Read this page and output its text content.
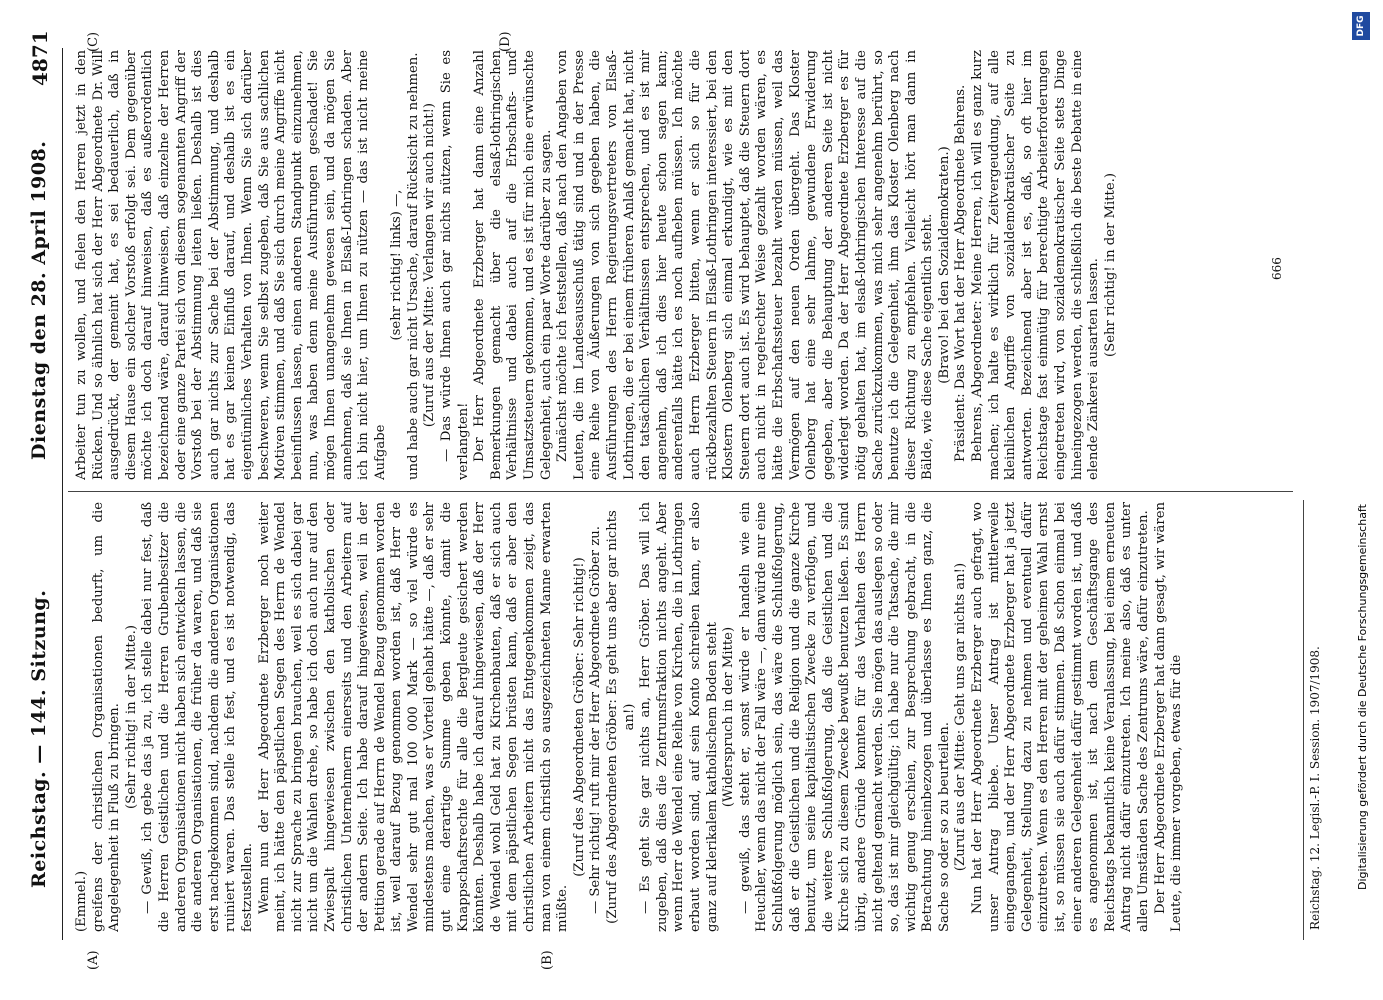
Reichstag. — 144. Sitzung.
Dienstag den 28. April 1908.
4871
(A)	(B)
(C)	(D)

(Emmel.) greifens der christlichen Organisationen bedurft, um die Angelegenheit in Fluß zu bringen. (Sehr richtig! in der Mitte.) — Gewiß, ich gebe das ja zu, ich stelle dabei nur fest, daß die Herren Geistlichen und die Herren Grubenbesitzer die anderen Organisationen nicht haben sich entwickeln lassen, die die anderen Organisationen, die früher da waren, und daß sie erst nachgekommen sind, nachdem die anderen Organisationen ruiniert waren. Das stelle ich fest, und es ist notwendig, das festzustellen. Wenn nun der Herr Abgeordnete Erzberger noch weiter meint, ich hätte den päpstlichen Segen des Herrn de Wendel nicht zur Sprache zu bringen brauchen, weil es sich dabei gar nicht um die Wahlen drehe, so habe ich doch auch nur auf den Zwiespalt hingewiesen zwischen den katholischen oder christlichen Unternehmern einerseits und den Arbeitern auf der andern Seite. Ich habe darauf hingewiesen, weil in der Petition gerade auf Herrn de Wendel Bezug genommen worden ist, weil darauf Bezug genommen worden ist, daß Herr de Wendel sehr gut mal 100 000 Mark — so viel würde es mindestens machen, was er Vorteil gehabt hätte —, daß er sehr gut eine derartige Summe geben könnte, damit die Knappschaftsrechte für alle die Bergleute gesichert werden könnten. Deshalb habe ich darauf hingewiesen, daß der Herr de Wendel wohl Geld hat zu Kirchenbauten, daß er sich auch mit dem päpstlichen Segen brüsten kann, daß er aber den christlichen Arbeitern nicht das Entgegenkommen zeigt, das man von einem christlich so ausgezeichneten Manne erwarten müßte.

(Zuruf des Abgeordneten Gröber: Sehr richtig!) — Sehr richtig! ruft mir der Herr Abgeordnete Gröber zu. (Zuruf des Abgeordneten Gröber: Es geht uns aber gar nichts an!) — Es geht Sie gar nichts an, Herr Gröber. Das will ich zugeben, daß dies die Zentrumsfraktion nichts angeht. Aber wenn Herr de Wendel eine Reihe von Kirchen, die in Lothringen erbaut worden sind, auf sein Konto schreiben kann, er also ganz auf klerikalem katholischem Boden steht (Widerspruch in der Mitte) — gewiß, das steht er, sonst würde er handeln wie ein Heuchler, wenn das nicht der Fall wäre —, dann würde nur eine Schlußfolgerung möglich sein, das wäre die Schlußfolgerung, daß er die Geistlichen und die Religion und die ganze Kirche benutzt, um seine kapitalistischen Zwecke zu verfolgen, und die weitere Schlußfolgerung, daß die Geistlichen und die Kirche sich zu diesem Zwecke bewußt benutzen ließen. Es sind übrig, andere Gründe konnten für das Verhalten des Herrn nicht geltend gemacht werden. Sie mögen das auslegen so oder so, das ist mir gleichgültig; ich habe nur die Tatsache, die mir wichtig genug erschien, zur Besprechung gebracht, in die Betrachtung hineinbezogen und überlasse es Ihnen ganz, die Sache so oder so zu beurteilen. (Zuruf aus der Mitte: Geht uns gar nichts an!) Nun hat der Herr Abgeordnete Erzberger auch gefragt, wo unser Antrag bliebe. Unser Antrag ist mittlerweile eingegangen, und der Herr Abgeordnete Erzberger hat ja jetzt Gelegenheit, Stellung dazu zu nehmen und eventuell dafür einzutreten. Wenn es den Herren mit der geheimen Wahl ernst ist, so müssen sie auch dafür stimmen. Daß schon einmal bei einer anderen Gelegenheit dafür gestimmt worden ist, und daß es angenommen ist, ist nach dem Geschäftsgange des Reichstags bekanntlich keine Veranlassung, bei einem erneuten Antrag nicht dafür einzutreten. Ich meine also, daß es unter allen Umständen Sache des Zentrums wäre, dafür einzutreten. Der Herr Abgeordnete Erzberger hat dann gesagt, wir wären Leute, die immer vorgeben, etwas für die

Arbeiter tun zu wollen, und fielen den Herren jetzt in den Rücken. Und so ähnlich hat sich der Herr Abgeordnete Dr. Will ausgedrückt, der gemeint hat, es sei bedauerlich, daß in diesem Hause ein solcher Vorstoß erfolgt sei. Dem gegenüber möchte ich doch darauf hinweisen, daß es außerordentlich bezeichnend wäre, darauf hinweisen, daß einzelne der Herren oder eine ganze Partei sich von diesem sogenannten Angriff der Vorstoß bei der Abstimmung leiten ließen. Deshalb ist dies auch gar nichts zur Sache bei der Abstimmung, und deshalb hat es gar keinen Einfluß darauf, und deshalb ist es ein eigentümliches Verhalten von Ihnen. Wenn Sie sich darüber beschweren, wenn Sie selbst zugeben, daß Sie aus sachlichen Motiven stimmen, und daß Sie sich durch meine Angriffe nicht beeinflussen lassen, einen anderen Standpunkt einzunehmen, nun, was haben denn meine Ausführungen geschadet! Sie mögen Ihnen unangenehm gewesen sein, und da mögen Sie annehmen, daß sie Ihnen in Elsaß-Lothringen schaden. Aber ich bin nicht hier, um Ihnen zu nützen — das ist nicht meine Aufgabe

(sehr richtig! links) —, und habe auch gar nicht Ursache, darauf Rücksicht zu nehmen. (Zuruf aus der Mitte: Verlangen wir auch nicht!) — Das würde Ihnen auch gar nichts nützen, wenn Sie es verlangten! Der Herr Abgeordnete Erzberger hat dann eine Anzahl Bemerkungen gemacht über die elsaß-lothringischen Verhältnisse und dabei auch auf die Erbschafts- und Umsatzsteuern gekommen, und es ist für mich eine erwünschte Gelegenheit, auch ein paar Worte darüber zu sagen. Zunächst möchte ich feststellen, daß nach den Angaben von Leuten, die im Landesausschuß tätig sind und in der Presse eine Reihe von Äußerungen von sich gegeben haben, die Ausführungen des Herrn Regierungsvertreters von Elsaß-Lothringen, die er bei einem früheren Anlaß gemacht hat, nicht den tatsächlichen Verhältnissen entsprechen, und es ist mir angenehm, daß ich dies hier heute schon sagen kann; anderenfalls hätte ich es noch aufheben müssen. Ich möchte auch Herrn Erzberger bitten, wenn er sich so für die rückbezahlten Steuern in Elsaß-Lothringen interessiert, bei den Klostern Olenberg sich einmal erkundigt, wie es mit den Steuern dort auch ist. Es wird behauptet, daß die Steuern dort auch nicht in regelrechter Weise gezahlt worden wären, es hätte die Erbschaftssteuer bezahlt werden müssen, weil das Vermögen auf den neuen Orden übergeht. Das Kloster Olenberg hat eine sehr lahme, gewundene Erwiderung gegeben, aber die Behauptung der anderen Seite ist nicht widerlegt worden. Da der Herr Abgeordnete Erzberger es für nötig gehalten hat, im elsaß-lothringischen Interesse auf die Sache zurückzukommen, was mich sehr angenehm berührt, so benutze ich die Gelegenheit, ihm das Kloster Olenberg nach dieser Richtung zu empfehlen. Vielleicht hört man dann in Bälde, wie diese Sache eigentlich steht. (Bravo! bei den Sozialdemokraten.) Präsident: Das Wort hat der Herr Abgeordnete Behrens. Behrens, Abgeordneter: Meine Herren, ich will es ganz kurz machen; ich halte es wirklich für Zeitvergeudung, auf alle kleinlichen Angriffe von sozialdemokratischer Seite zu antworten. Bezeichnend aber ist es, daß, so oft hier im Reichstage fast einmütig für berechtigte Arbeiterforderungen eingetreten wird, von sozialdemokratischer Seite stets Dinge hineingezogen werden, die schließlich die beste Debatte in eine elende Zänkerei ausarten lassen. (Sehr richtig! in der Mitte.)

Reichstag. 12. Legisl.-P. I. Session. 1907/1908.
666
Digitalisierung gefördert durch die Deutsche Forschungsgemeinschaft
DFG
